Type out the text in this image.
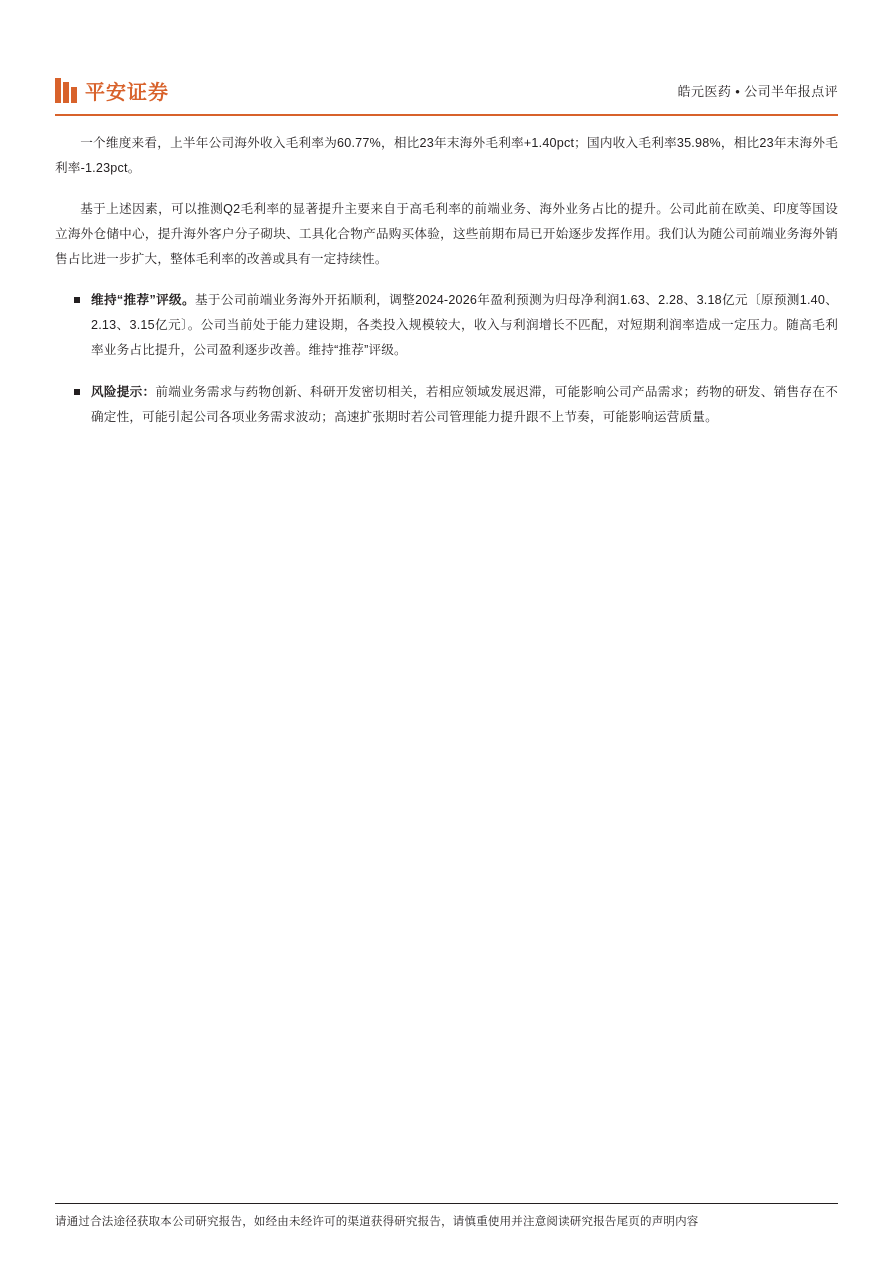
平安证券	皓元医药 • 公司半年报点评

一个维度来看，上半年公司海外收入毛利率为60.77%，相比23年末海外毛利率+1.40pct；国内收入毛利率35.98%，相比23年末海外毛利率-1.23pct。

基于上述因素，可以推测Q2毛利率的显著提升主要来自于高毛利率的前端业务、海外业务占比的提升。公司此前在欧美、印度等国设立海外仓储中心，提升海外客户分子砌块、工具化合物产品购买体验，这些前期布局已开始逐步发挥作用。我们认为随公司前端业务海外销售占比进一步扩大，整体毛利率的改善或具有一定持续性。

维持“推荐”评级。基于公司前端业务海外开拓顺利，调整2024-2026年盈利预测为归母净利润1.63、2.28、3.18亿元〔原预测1.40、2.13、3.15亿元〕。公司当前处于能力建设期，各类投入规模较大，收入与利润增长不匹配，对短期利润率造成一定压力。随高毛利率业务占比提升，公司盈利逐步改善。维持“推荐”评级。
风险提示：前端业务需求与药物创新、科研开发密切相关，若相应领域发展迟滞，可能影响公司产品需求；药物的研发、销售存在不确定性，可能引起公司各项业务需求波动；高速扩张期时若公司管理能力提升跟不上节奏，可能影响运营质量。
请通过合法途径获取本公司研究报告，如经由未经许可的渠道获得研究报告，请慎重使用并注意阅读研究报告尾页的声明内容
